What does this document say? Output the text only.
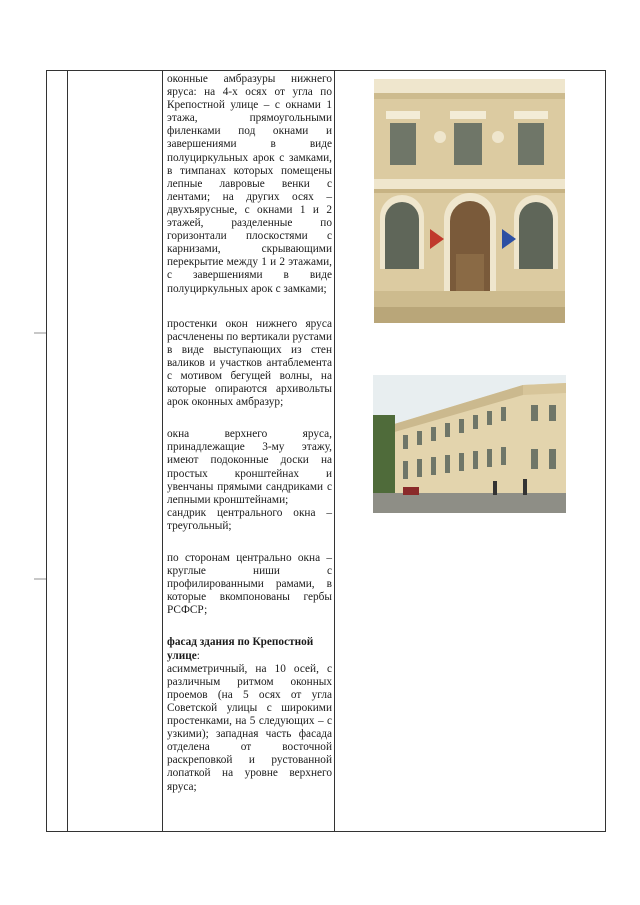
оконные амбразуры нижнего яруса: на 4-х осях от угла по Крепостной улице – с окнами 1 этажа, прямоугольными филенками под окнами и завершениями в виде полуциркульных арок с замками, в тимпанах которых помещены лепные лавровые венки с лентами; на других осях – двухъярусные, с окнами 1 и 2 этажей, разделенные по горизонтали плоскостями с карнизами, скрывающими перекрытие между 1 и 2 этажами, с завершениями в виде полуциркульных арок с замками;

простенки окон нижнего яруса расчленены по вертикали рустами в виде выступающих из стен валиков и участков антаблемента с мотивом бегущей волны, на которые опираются архивольты арок оконных амбразур;

окна верхнего яруса, принадлежащие 3-му этажу, имеют подоконные доски на простых кронштейнах и увенчаны прямыми сандриками с лепными кронштейнами;

сандрик центрального окна – треугольный;

по сторонам центрально окна – круглые ниши с профилированными рамами, в которые вкомпонованы гербы РСФСР;

фасад здания по Крепостной улице:

асимметричный, на 10 осей, с различным ритмом оконных проемов (на 5 осях от угла Советской улицы с широкими простенками, на 5 следующих – с узкими); западная часть фасада отделена от восточной раскреповкой и рустованной лопаткой на уровне верхнего яруса;
